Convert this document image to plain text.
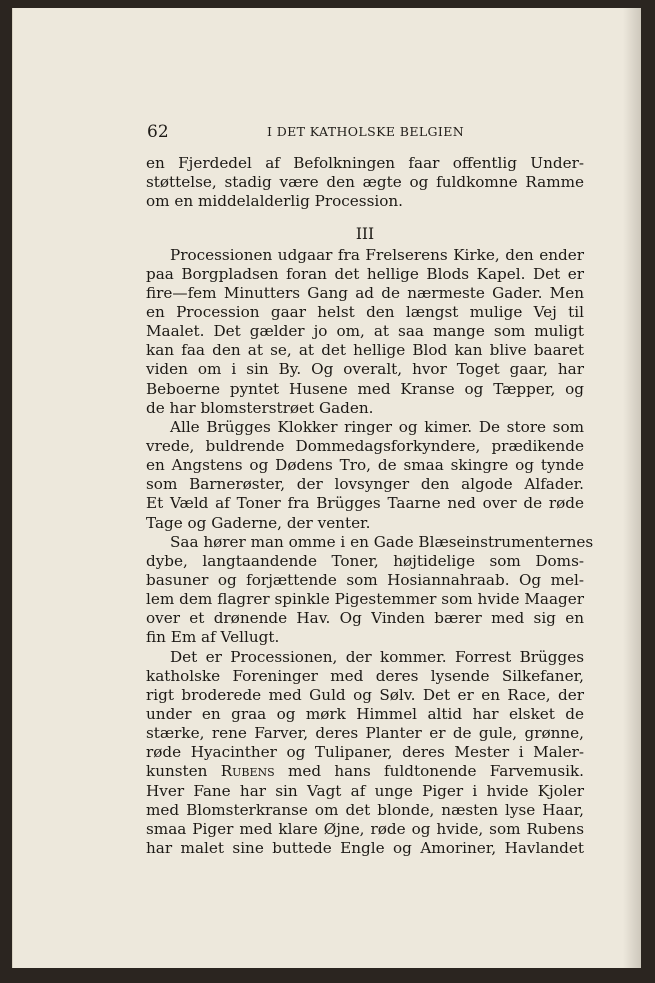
62	I DET KATHOLSKE BELGIEN
en Fjerdedel af Befolkningen faar offentlig Under-
støttelse, stadig være den ægte og fuldkomne Ramme
om en middelalderlig Procession.
III
Processionen udgaar fra Frelserens Kirke, den ender
paa Borgpladsen foran det hellige Blods Kapel. Det er
fire—fem Minutters Gang ad de nærmeste Gader. Men
en Procession gaar helst den længst mulige Vej til
Maalet. Det gælder jo om, at saa mange som muligt
kan faa den at se, at det hellige Blod kan blive baaret
viden om i sin By. Og overalt, hvor Toget gaar, har
Beboerne pyntet Husene med Kranse og Tæpper, og
de har blomsterstrøet Gaden.
Alle Brügges Klokker ringer og kimer. De store som
vrede, buldrende Dommedagsforkyndere, prædikende
en Angstens og Dødens Tro, de smaa skingre og tynde
som Barnerøster, der lovsynger den algode Alfader.
Et Væld af Toner fra Brügges Taarne ned over de røde
Tage og Gaderne, der venter.
Saa hører man omme i en Gade Blæseinstrumenternes
dybe, langtaandende Toner, højtidelige som Doms-
basuner og forjættende som Hosiannahraab. Og mel-
lem dem flagrer spinkle Pigestemmer som hvide Maager
over et drønende Hav. Og Vinden bærer med sig en
fin Em af Vellugt.
Det er Processionen, der kommer. Forrest Brügges
katholske Foreninger med deres lysende Silkefaner,
rigt broderede med Guld og Sølv. Det er en Race, der
under en graa og mørk Himmel altid har elsket de
stærke, rene Farver, deres Planter er de gule, grønne,
røde Hyacinther og Tulipaner, deres Mester i Maler-
kunsten Rubens med hans fuldtonende Farvemusik.
Hver Fane har sin Vagt af unge Piger i hvide Kjoler
med Blomsterkranse om det blonde, næsten lyse Haar,
smaa Piger med klare Øjne, røde og hvide, som Rubens
har malet sine buttede Engle og Amoriner, Havlandet
